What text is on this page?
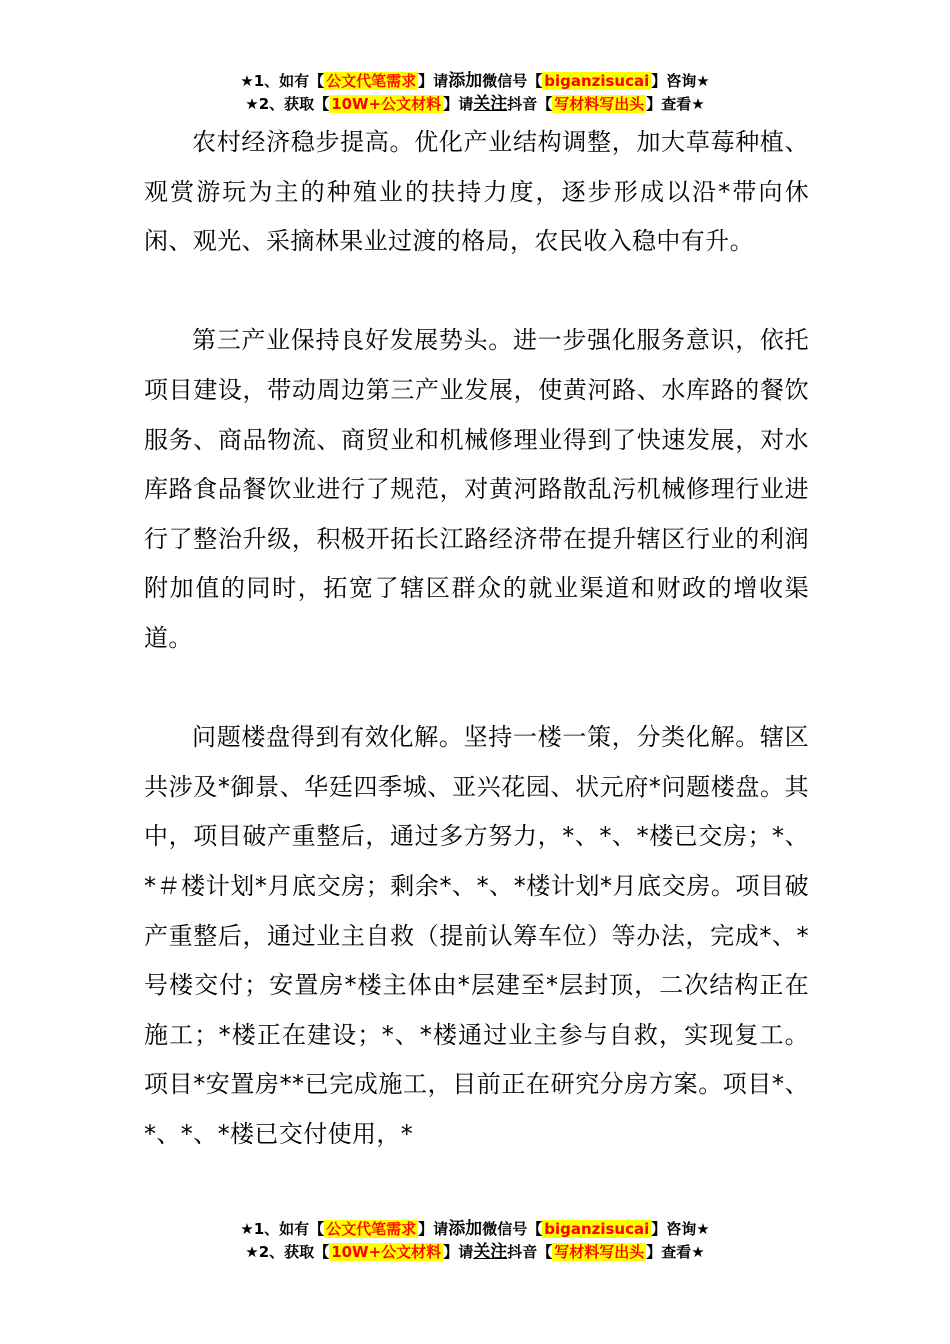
★1、如有【 公文代笔需求 】请添加微信号【 biganzisucai 】咨询★
★2、获取【 10W+公文材料 】请关注抖音【 写材料写出头 】查看★

农村经济稳步提高。优化产业结构调整，加大草莓种植、观赏游玩为主的种殖业的扶持力度，逐步形成以沿*带向休闲、观光、采摘林果业过渡的格局，农民收入稳中有升。

第三产业保持良好发展势头。进一步强化服务意识，依托项目建设，带动周边第三产业发展，使黄河路、水库路的餐饮服务、商品物流、商贸业和机械修理业得到了快速发展，对水库路食品餐饮业进行了规范，对黄河路散乱污机械修理行业进行了整治升级，积极开拓长江路经济带在提升辖区行业的利润附加值的同时，拓宽了辖区群众的就业渠道和财政的增收渠道。

问题楼盘得到有效化解。坚持一楼一策，分类化解。辖区共涉及*御景、华廷四季城、亚兴花园、状元府*问题楼盘。其中，项目破产重整后，通过多方努力，*、*、*楼已交房；*、*＃楼计划*月底交房；剩余*、*、*楼计划*月底交房。项目破产重整后，通过业主自救（提前认筹车位）等办法，完成*、*号楼交付；安置房*楼主体由*层建至*层封顶，二次结构正在施工；*楼正在建设；*、*楼通过业主参与自救，实现复工。项目*安置房**已完成施工，目前正在研究分房方案。项目*、*、*、*楼已交付使用，*

★1、如有【 公文代笔需求 】请添加微信号【 biganzisucai 】咨询★
★2、获取【 10W+公文材料 】请关注抖音【 写材料写出头 】查看★
